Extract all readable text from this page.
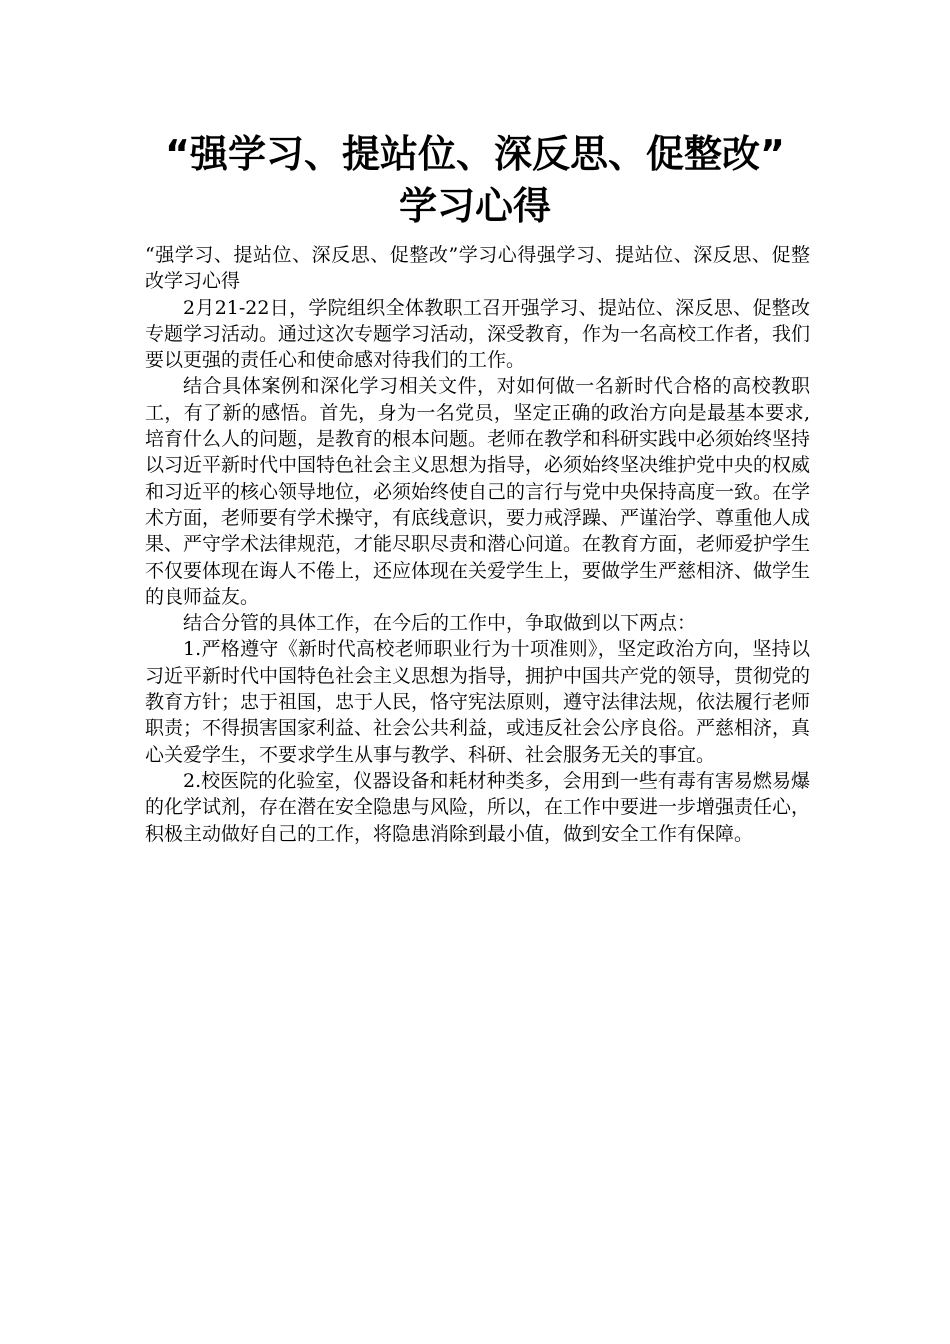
“强学习、提站位、深反思、促整改”
学习心得

“强学习、提站位、深反思、促整改”学习心得强学习、提站位、深反思、促整改学习心得

2月21-22日，学院组织全体教职工召开强学习、提站位、深反思、促整改专题学习活动。通过这次专题学习活动，深受教育，作为一名高校工作者，我们要以更强的责任心和使命感对待我们的工作。

结合具体案例和深化学习相关文件，对如何做一名新时代合格的高校教职工，有了新的感悟。首先，身为一名党员，坚定正确的政治方向是最基本要求,培育什么人的问题，是教育的根本问题。老师在教学和科研实践中必须始终坚持以习近平新时代中国特色社会主义思想为指导，必须始终坚决维护党中央的权威和习近平的核心领导地位，必须始终使自己的言行与党中央保持高度一致。在学术方面，老师要有学术操守，有底线意识，要力戒浮躁、严谨治学、尊重他人成果、严守学术法律规范，才能尽职尽责和潜心问道。在教育方面，老师爱护学生不仅要体现在诲人不倦上，还应体现在关爱学生上，要做学生严慈相济、做学生的良师益友。

结合分管的具体工作，在今后的工作中，争取做到以下两点：

1.严格遵守《新时代高校老师职业行为十项准则》，坚定政治方向，坚持以习近平新时代中国特色社会主义思想为指导，拥护中国共产党的领导，贯彻党的教育方针；忠于祖国，忠于人民，恪守宪法原则，遵守法律法规，依法履行老师职责；不得损害国家利益、社会公共利益，或违反社会公序良俗。严慈相济，真心关爱学生，不要求学生从事与教学、科研、社会服务无关的事宜。

2.校医院的化验室，仪器设备和耗材种类多，会用到一些有毒有害易燃易爆的化学试剂，存在潜在安全隐患与风险，所以，在工作中要进一步增强责任心，积极主动做好自己的工作，将隐患消除到最小值，做到安全工作有保障。
